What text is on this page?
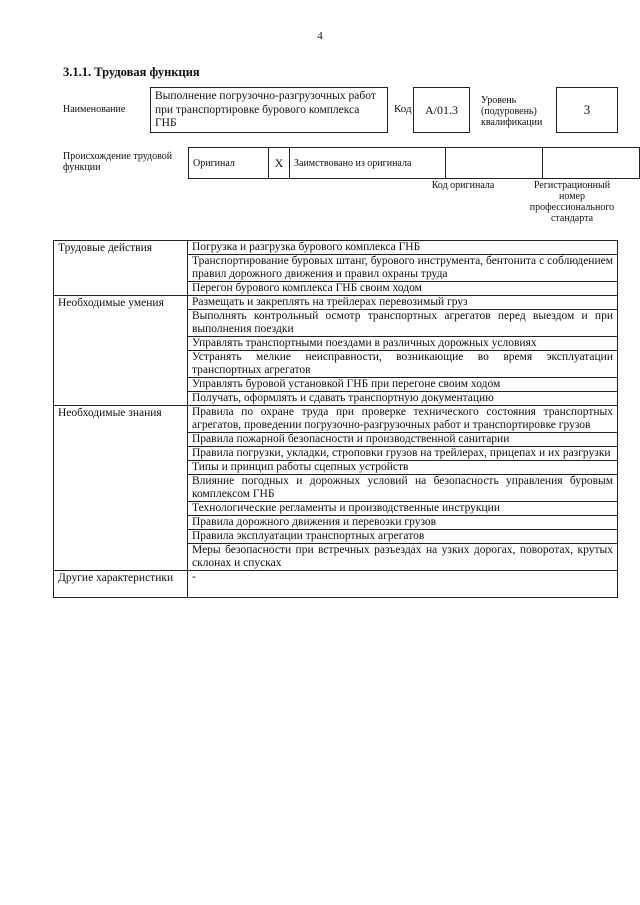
4
3.1.1. Трудовая функция
Наименование
Выполнение погрузочно-разгрузочных работ при транспортировке бурового комплекса ГНБ
Код	A/01.3
Уровень (подуровень) квалификации
3
Происхождение трудовой функции	Оригинал	X	Заимствовано из оригинала		
Код оригинала	Регистрационный номер профессионального стандарта
Трудовые действия	Погрузка и разгрузка бурового комплекса ГНБ
	Транспортирование буровых штанг, бурового инструмента, бентонита с соблюдением правил дорожного движения и правил охраны труда
	Перегон бурового комплекса ГНБ своим ходом
Необходимые умения	Размещать и закреплять на трейлерах перевозимый груз
	Выполнять контрольный осмотр транспортных агрегатов перед выездом и при выполнения поездки
	Управлять транспортными поездами в различных дорожных условиях
	Устранять мелкие неисправности, возникающие во время эксплуатации транспортных агрегатов
	Управлять буровой установкой ГНБ при перегоне своим ходом
	Получать, оформлять и сдавать транспортную документацию
Необходимые знания	Правила по охране труда при проверке технического состояния транспортных агрегатов, проведении погрузочно-разгрузочных работ и транспортировке грузов
	Правила пожарной безопасности и производственной санитарии
	Правила погрузки, укладки, строповки грузов на трейлерах, прицепах и их разгрузки
	Типы и принцип работы сцепных устройств
	Влияние погодных и дорожных условий на безопасность управления буровым комплексом ГНБ
	Технологические регламенты и производственные инструкции
	Правила дорожного движения и перевозки грузов
	Правила эксплуатации транспортных агрегатов
	Меры безопасности при встречных разъездах на узких дорогах, поворотах, крутых склонах и спусках
Другие характеристики	-
